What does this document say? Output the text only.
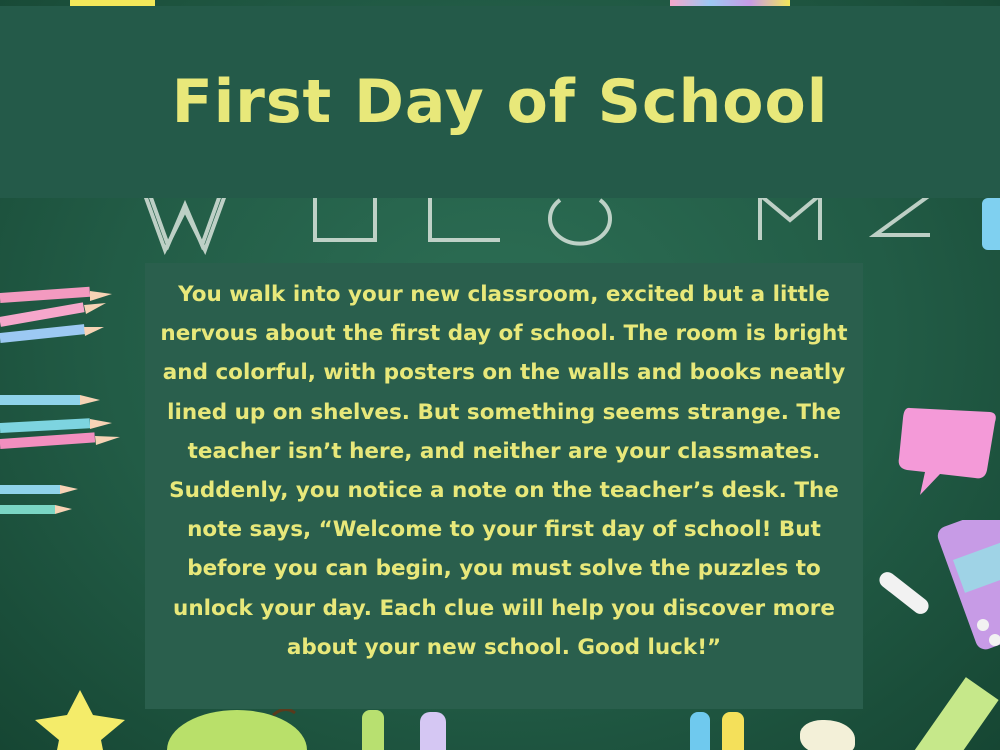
First Day of School

You walk into your new classroom, excited but a little nervous about the first day of school. The room is bright and colorful, with posters on the walls and books neatly lined up on shelves. But something seems strange. The teacher isn’t here, and neither are your classmates. Suddenly, you notice a note on the teacher’s desk. The note says, “Welcome to your first day of school! But before you can begin, you must solve the puzzles to unlock your day. Each clue will help you discover more about your new school. Good luck!”
